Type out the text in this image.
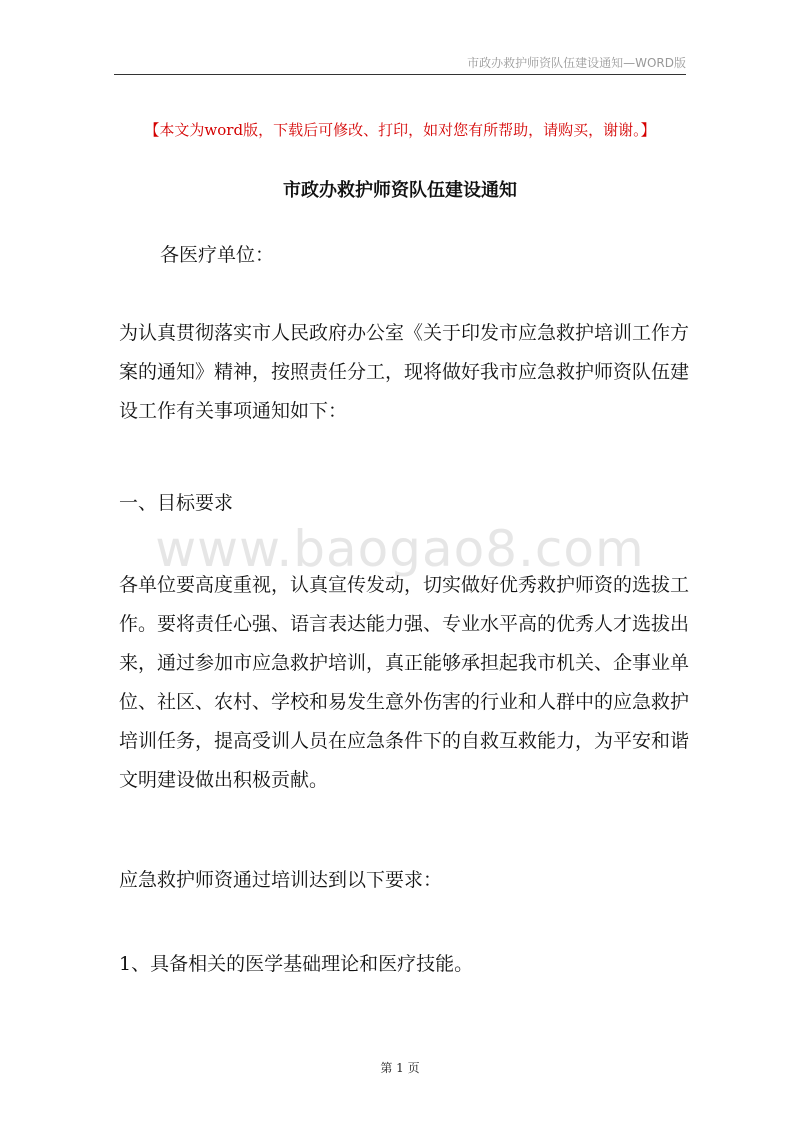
市政办救护师资队伍建设通知—WORD版
【本文为word版，下载后可修改、打印，如对您有所帮助，请购买，谢谢。】
市政办救护师资队伍建设通知
各医疗单位：
为认真贯彻落实市人民政府办公室《关于印发市应急救护培训工作方案的通知》精神，按照责任分工，现将做好我市应急救护师资队伍建设工作有关事项通知如下：
一、目标要求
www.baogao8.com
各单位要高度重视，认真宣传发动，切实做好优秀救护师资的选拔工作。要将责任心强、语言表达能力强、专业水平高的优秀人才选拔出来，通过参加市应急救护培训，真正能够承担起我市机关、企事业单位、社区、农村、学校和易发生意外伤害的行业和人群中的应急救护培训任务，提高受训人员在应急条件下的自救互救能力，为平安和谐文明建设做出积极贡献。
应急救护师资通过培训达到以下要求：
1、具备相关的医学基础理论和医疗技能。
第 1 页
